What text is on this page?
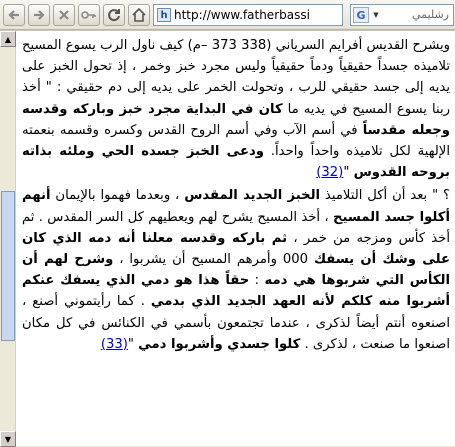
h http://www.fatherbassi	G	▼	رشليمي
▲
▼

ويشرح القديس أفرايم السرياني (338 373 –م) كيف ناول الرب يسوع المسيح تلاميذه جسداً حقيقياً ودماً حقيقياً وليس مجرد خبز وخمر ، إذ تحول الخبز على يديه إلى جسد حقيقي للرب ، وتحولت الخمر على يديه إلى دم حقيقي : " أخذ ربنا يسوع المسيح في يديه ما كان في البداية مجرد خبز وباركه وقدسه وجعله مقدساً في أسم الآب وفي أسم الروح القدس وكسره وقسمه بنعمته الإلهية لكل تلاميذه واحداً واحداً. ودعى الخبز جسده الحي وملئه بذاته بروحه القدوس "(32)

؟ " بعد أن أكل التلاميذ الخبز الجديد المقدس ، وبعدما فهموا بالإيمان أنهم أكلوا جسد المسيح ، أخذ المسيح يشرح لهم ويعطيهم كل السر المقدس . ثم أخذ كأس ومزجه من خمر ، ثم باركه وقدسه معلنا أنه دمه الذي كان على وشك أن يسفك 000 وأمرهم المسيح أن يشربوا ، وشرح لهم أن الكأس التي شربوها هي دمه : حقاً هذا هو دمي الذي يسفك عنكم أشربوا منه كلكم لأنه العهد الجديد الذي بدمي . كما رأيتموني أصنع ، اصنعوه أنتم أيضاً لذكرى ، عندما تجتمعون بأسمي في الكنائس في كل مكان اصنعوا ما صنعت ، لذكرى . كلوا جسدي وأشربوا دمي "(33)
